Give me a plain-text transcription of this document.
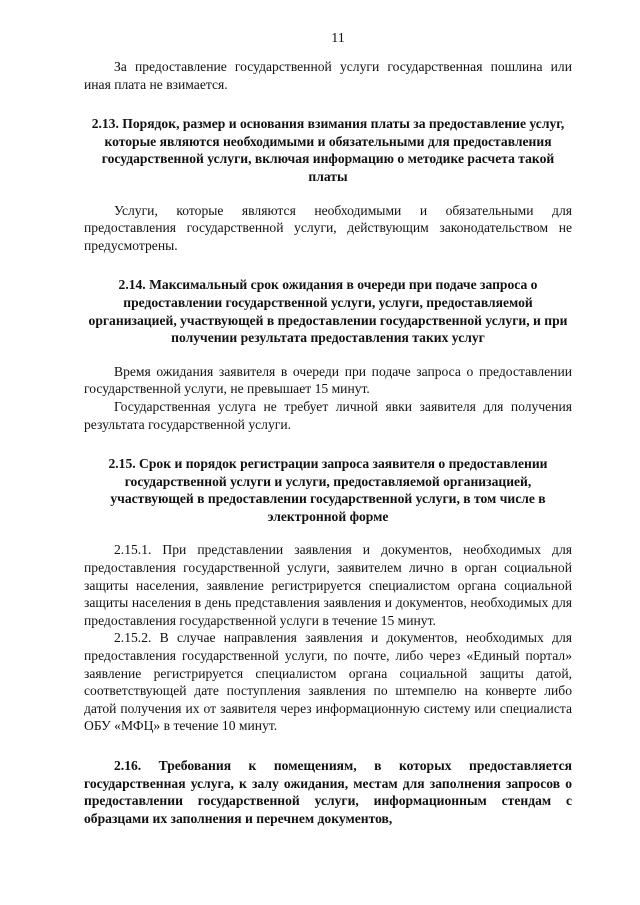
11

За предоставление государственной услуги государственная пошлина или иная плата не взимается.

2.13. Порядок, размер и основания взимания платы за предоставление услуг, которые являются необходимыми и обязательными для предоставления государственной услуги, включая информацию о методике расчета такой платы

Услуги, которые являются необходимыми и обязательными для предоставления государственной услуги, действующим законодательством не предусмотрены.

2.14. Максимальный срок ожидания в очереди при подаче запроса о предоставлении государственной услуги, услуги, предоставляемой организацией, участвующей в предоставлении государственной услуги, и при получении результата предоставления таких услуг

Время ожидания заявителя в очереди при подаче запроса о предоставлении государственной услуги, не превышает 15 минут.

Государственная услуга не требует личной явки заявителя для получения результата государственной услуги.

2.15. Срок и порядок регистрации запроса заявителя о предоставлении государственной услуги и услуги, предоставляемой организацией, участвующей в предоставлении государственной услуги, в том числе в электронной форме

2.15.1. При представлении заявления и документов, необходимых для предоставления государственной услуги, заявителем лично в орган социальной защиты населения, заявление регистрируется специалистом органа социальной защиты населения в день представления заявления и документов, необходимых для предоставления государственной услуги в течение 15 минут.

2.15.2. В случае направления заявления и документов, необходимых для предоставления государственной услуги, по почте, либо через «Единый портал» заявление регистрируется специалистом органа социальной защиты датой, соответствующей дате поступления заявления по штемпелю на конверте либо датой получения их от заявителя через информационную систему или специалиста ОБУ «МФЦ» в течение 10 минут.

2.16. Требования к помещениям, в которых предоставляется государственная услуга, к залу ожидания, местам для заполнения запросов о предоставлении государственной услуги, информационным стендам с образцами их заполнения и перечнем документов,
